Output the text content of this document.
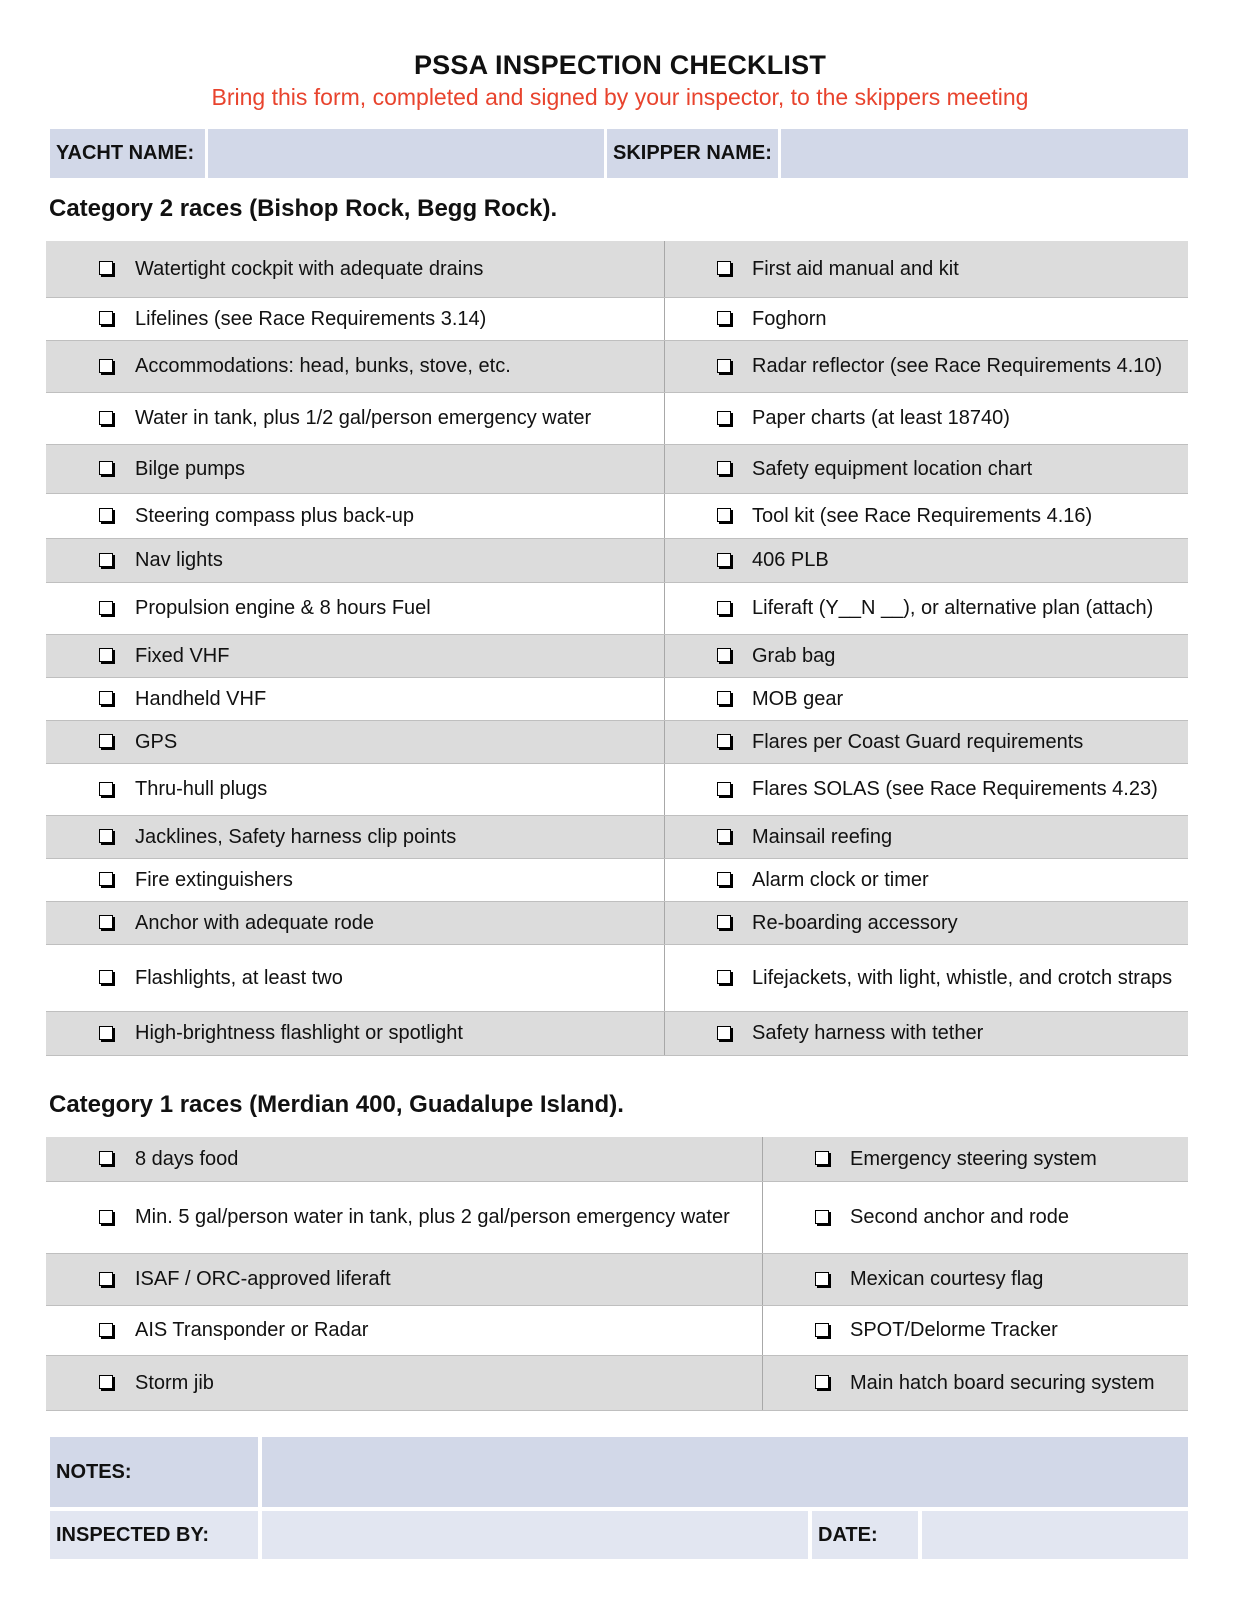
PSSA INSPECTION CHECKLIST
Bring this form, completed and signed by your inspector, to the skippers meeting
YACHT NAME:	SKIPPER NAME:
Category 2 races (Bishop Rock, Begg Rock).
Watertight cockpit with adequate drains	First aid manual and kit
Lifelines (see Race Requirements 3.14)	Foghorn
Accommodations: head, bunks, stove, etc.	Radar reflector (see Race Requirements 4.10)
Water in tank, plus 1/2 gal/person emergency water	Paper charts (at least 18740)
Bilge pumps	Safety equipment location chart
Steering compass plus back-up	Tool kit (see Race Requirements 4.16)
Nav lights	406 PLB
Propulsion engine & 8 hours Fuel	Liferaft (Y__N __), or alternative plan (attach)
Fixed VHF	Grab bag
Handheld VHF	MOB gear
GPS	Flares per Coast Guard requirements
Thru-hull plugs	Flares SOLAS (see Race Requirements 4.23)
Jacklines, Safety harness clip points	Mainsail reefing
Fire extinguishers	Alarm clock or timer
Anchor with adequate rode	Re-boarding accessory
Flashlights, at least two	Lifejackets, with light, whistle, and crotch straps
High-brightness flashlight or spotlight	Safety harness with tether
Category 1 races (Merdian 400, Guadalupe Island).
8 days food	Emergency steering system
Min. 5 gal/person water in tank, plus 2 gal/person emergency water	Second anchor and rode
ISAF / ORC-approved liferaft	Mexican courtesy flag
AIS Transponder or Radar	SPOT/Delorme Tracker
Storm jib	Main hatch board securing system
NOTES:
INSPECTED BY:	DATE:
